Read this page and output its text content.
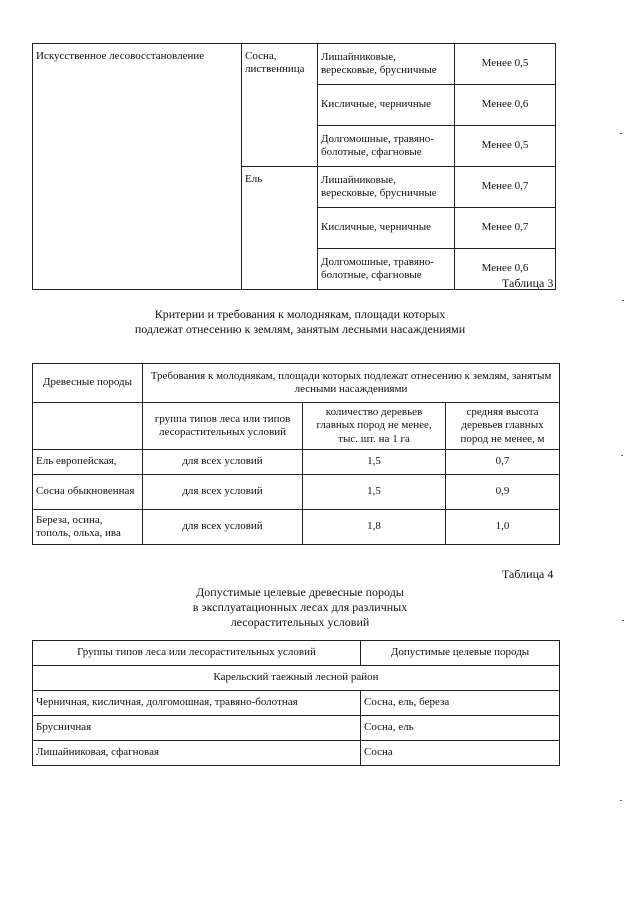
Искусственное лесовосстановление	Сосна, лиственница	Лишайниковые, вересковые, брусничные	Менее 0,5
		Кисличные, черничные	Менее 0,6
		Долгомошные, травяно-болотные, сфагновые	Менее 0,5
	Ель	Лишайниковые, вересковые, брусничные	Менее 0,7
		Кисличные, черничные	Менее 0,7
		Долгомошные, травяно-болотные, сфагновые	Менее 0,6
Таблица 3
Критерии и требования к молоднякам, площади которых
подлежат отнесению к землям, занятым лесными насаждениями
Древесные породы	Требования к молоднякам, площади которых подлежат отнесению к землям, занятым лесными насаждениями		
	группа типов леса или типов лесорастительных условий	количество деревьев главных пород не менее, тыс. шт. на 1 га	средняя высота деревьев главных пород не менее, м
Ель европейская,	для всех условий	1,5	0,7
Сосна обыкновенная	для всех условий	1,5	0,9
Береза, осина, тополь, ольха, ива	для всех условий	1,8	1,0
Таблица 4
Допустимые целевые древесные породы
в эксплуатационных лесах для различных
лесорастительных условий
Группы типов леса или лесорастительных условий	Допустимые целевые породы
Карельский таежный лесной район	
Черничная, кисличная, долгомошная, травяно-болотная	Сосна, ель, береза
Брусничная	Сосна, ель
Лишайниковая, сфагновая	Сосна
